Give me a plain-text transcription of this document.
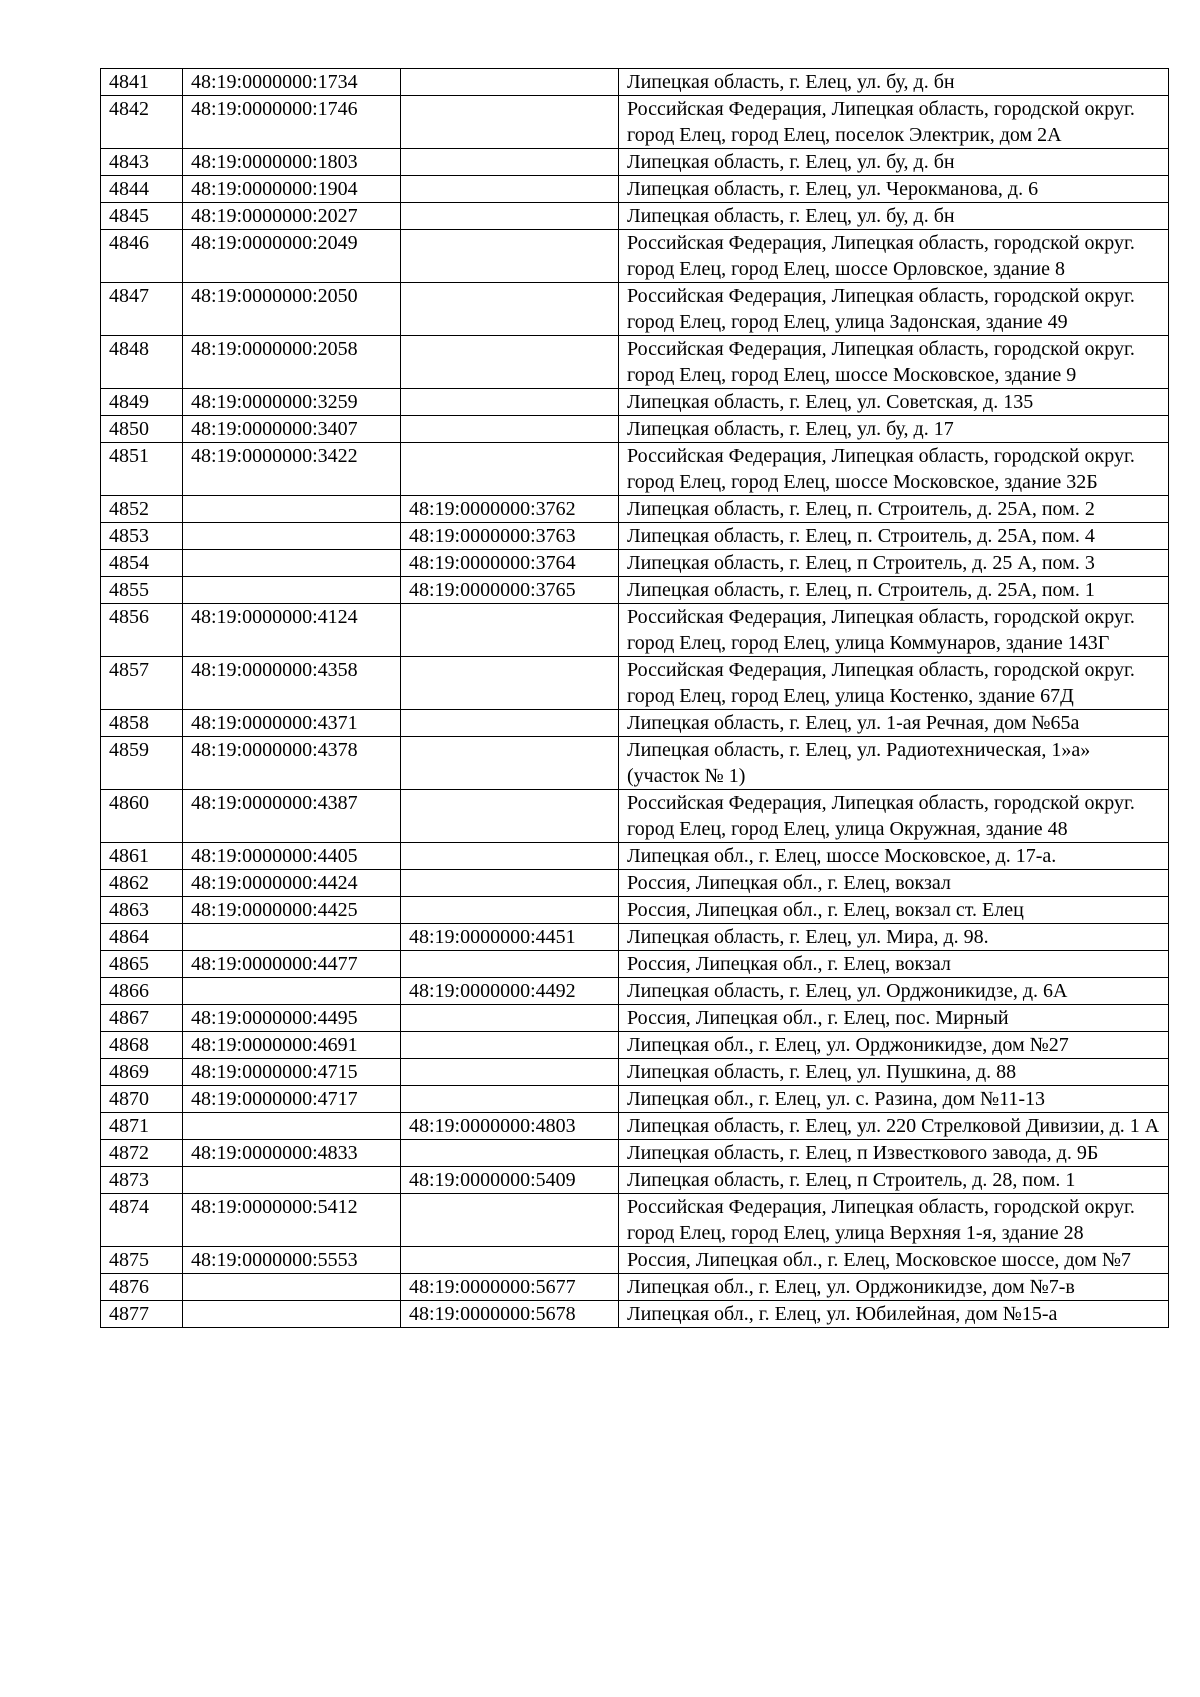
4841	48:19:0000000:1734		Липецкая область, г. Елец, ул. бу, д. бн
4842	48:19:0000000:1746		Российская Федерация, Липецкая область, городской округ. город Елец, город Елец, поселок Электрик, дом 2А
4843	48:19:0000000:1803		Липецкая область, г. Елец, ул. бу, д. бн
4844	48:19:0000000:1904		Липецкая область, г. Елец, ул. Черокманова, д. 6
4845	48:19:0000000:2027		Липецкая область, г. Елец, ул. бу, д. бн
4846	48:19:0000000:2049		Российская Федерация, Липецкая область, городской округ. город Елец, город Елец, шоссе Орловское, здание 8
4847	48:19:0000000:2050		Российская Федерация, Липецкая область, городской округ. город Елец, город Елец, улица Задонская, здание 49
4848	48:19:0000000:2058		Российская Федерация, Липецкая область, городской округ. город Елец, город Елец, шоссе Московское, здание 9
4849	48:19:0000000:3259		Липецкая область, г. Елец, ул. Советская, д. 135
4850	48:19:0000000:3407		Липецкая область, г. Елец, ул. бу, д. 17
4851	48:19:0000000:3422		Российская Федерация, Липецкая область, городской округ. город Елец, город Елец, шоссе Московское, здание 32Б
4852		48:19:0000000:3762	Липецкая область, г. Елец, п. Строитель, д. 25А, пом. 2
4853		48:19:0000000:3763	Липецкая область, г. Елец, п. Строитель, д. 25А, пом. 4
4854		48:19:0000000:3764	Липецкая область, г. Елец, п Строитель, д. 25 А, пом. 3
4855		48:19:0000000:3765	Липецкая область, г. Елец, п. Строитель, д. 25А, пом. 1
4856	48:19:0000000:4124		Российская Федерация, Липецкая область, городской округ. город Елец, город Елец, улица Коммунаров, здание 143Г
4857	48:19:0000000:4358		Российская Федерация, Липецкая область, городской округ. город Елец, город Елец, улица Костенко, здание 67Д
4858	48:19:0000000:4371		Липецкая область, г. Елец, ул. 1-ая Речная, дом №65а
4859	48:19:0000000:4378		Липецкая область, г. Елец, ул. Радиотехническая, 1»а» (участок № 1)
4860	48:19:0000000:4387		Российская Федерация, Липецкая область, городской округ. город Елец, город Елец, улица Окружная, здание 48
4861	48:19:0000000:4405		Липецкая обл., г. Елец, шоссе Московское, д. 17-а.
4862	48:19:0000000:4424		Россия, Липецкая обл., г. Елец, вокзал
4863	48:19:0000000:4425		Россия, Липецкая обл., г. Елец, вокзал ст. Елец
4864		48:19:0000000:4451	Липецкая область, г. Елец, ул. Мира, д. 98.
4865	48:19:0000000:4477		Россия, Липецкая обл., г. Елец, вокзал
4866		48:19:0000000:4492	Липецкая область, г. Елец, ул. Орджоникидзе, д. 6А
4867	48:19:0000000:4495		Россия, Липецкая обл., г. Елец, пос. Мирный
4868	48:19:0000000:4691		Липецкая обл., г. Елец, ул. Орджоникидзе, дом №27
4869	48:19:0000000:4715		Липецкая область, г. Елец, ул. Пушкина, д. 88
4870	48:19:0000000:4717		Липецкая обл., г. Елец, ул. с. Разина, дом №11-13
4871		48:19:0000000:4803	Липецкая область, г. Елец, ул. 220 Стрелковой Дивизии, д. 1 А
4872	48:19:0000000:4833		Липецкая область, г. Елец, п Известкового завода, д. 9Б
4873		48:19:0000000:5409	Липецкая область, г. Елец, п Строитель, д. 28, пом. 1
4874	48:19:0000000:5412		Российская Федерация, Липецкая область, городской округ. город Елец, город Елец, улица Верхняя 1-я, здание 28
4875	48:19:0000000:5553		Россия, Липецкая обл., г. Елец, Московское шоссе, дом №7
4876		48:19:0000000:5677	Липецкая обл., г. Елец, ул. Орджоникидзе, дом №7-в
4877		48:19:0000000:5678	Липецкая обл., г. Елец, ул. Юбилейная, дом №15-а
